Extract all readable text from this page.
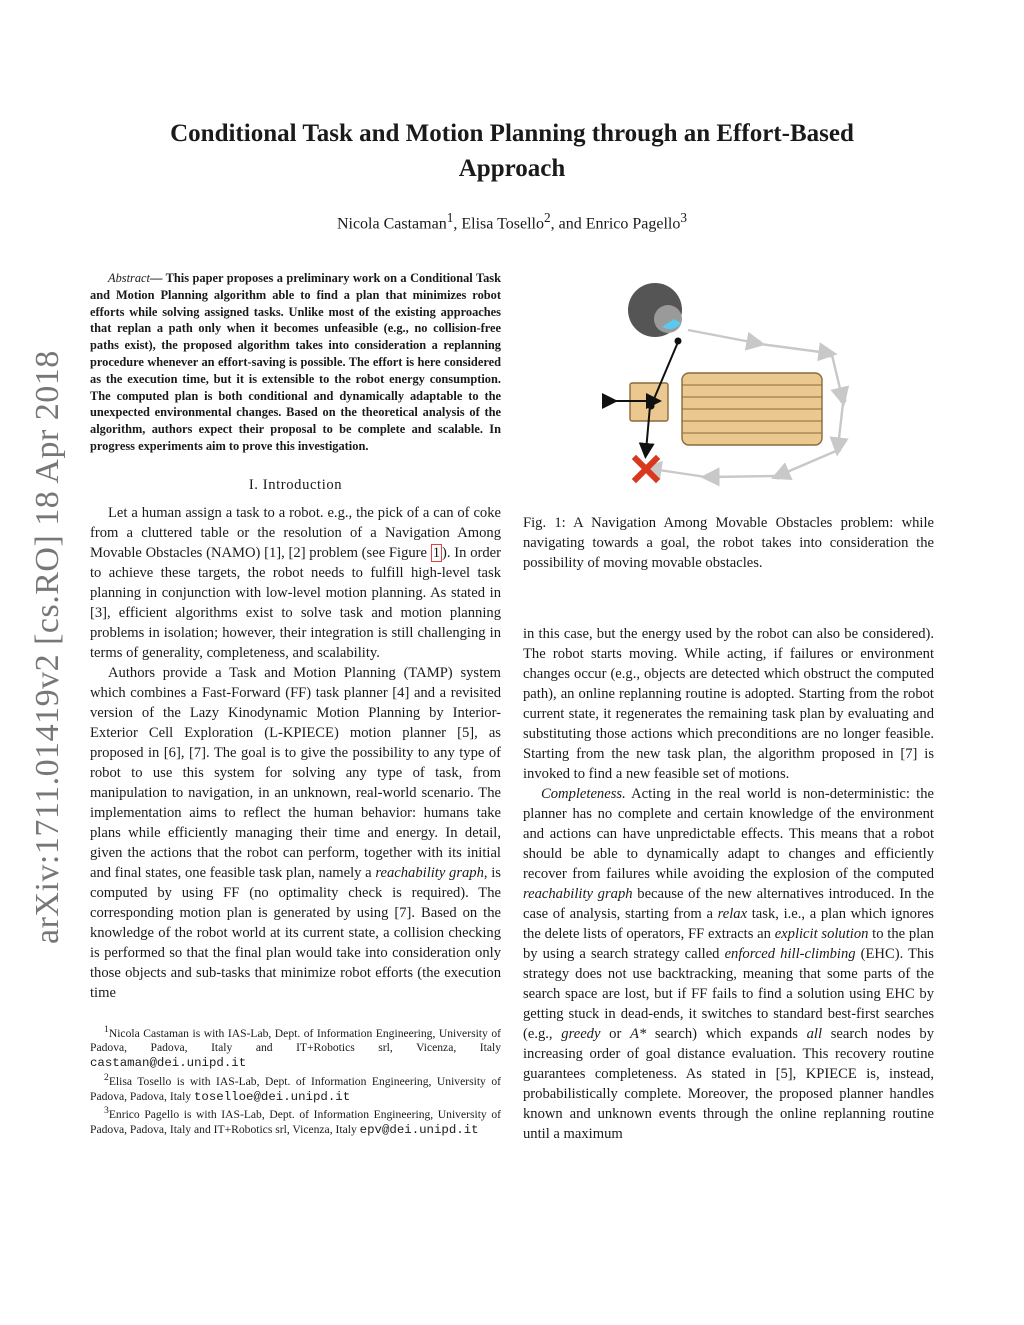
arXiv:1711.01419v2 [cs.RO] 18 Apr 2018
Conditional Task and Motion Planning through an Effort-Based Approach
Nicola Castaman$^1$, Elisa Tosello$^2$, and Enrico Pagello$^3$

Abstract— This paper proposes a preliminary work on a Conditional Task and Motion Planning algorithm able to find a plan that minimizes robot efforts while solving assigned tasks. Unlike most of the existing approaches that replan a path only when it becomes unfeasible (e.g., no collision-free paths exist), the proposed algorithm takes into consideration a replanning procedure whenever an effort-saving is possible. The effort is here considered as the execution time, but it is extensible to the robot energy consumption. The computed plan is both conditional and dynamically adaptable to the unexpected environmental changes. Based on the theoretical analysis of the algorithm, authors expect their proposal to be complete and scalable. In progress experiments aim to prove this investigation.

I. Introduction

Let a human assign a task to a robot. e.g., the pick of a can of coke from a cluttered table or the resolution of a Navigation Among Movable Obstacles (NAMO) [1], [2] problem (see Figure 1 ). In order to achieve these targets, the robot needs to fulfill high-level task planning in conjunction with low-level motion planning. As stated in [3], efficient algorithms exist to solve task and motion planning problems in isolation; however, their integration is still challenging in terms of generality, completeness, and scalability.

Authors provide a Task and Motion Planning (TAMP) system which combines a Fast-Forward (FF) task planner [4] and a revisited version of the Lazy Kinodynamic Motion Planning by Interior-Exterior Cell Exploration (L-KPIECE) motion planner [5], as proposed in [6], [7]. The goal is to give the possibility to any type of robot to use this system for solving any type of task, from manipulation to navigation, in an unknown, real-world scenario. The implementation aims to reflect the human behavior: humans take plans while efficiently managing their time and energy. In detail, given the actions that the robot can perform, together with its initial and final states, one feasible task plan, namely a reachability graph, is computed by using FF (no optimality check is required). The corresponding motion plan is generated by using [7]. Based on the knowledge of the robot world at its current state, a collision checking is performed so that the final plan would take into consideration only those objects and sub-tasks that minimize robot efforts (the execution time

$^1$Nicola Castaman is with IAS-Lab, Dept. of Information Engineering, University of Padova, Padova, Italy and IT+Robotics srl, Vicenza, Italy castaman@dei.unipd.it

$^2$Elisa Tosello is with IAS-Lab, Dept. of Information Engineering, University of Padova, Padova, Italy toselloe@dei.unipd.it

$^3$Enrico Pagello is with IAS-Lab, Dept. of Information Engineering, University of Padova, Padova, Italy and IT+Robotics srl, Vicenza, Italy epv@dei.unipd.it

Fig. 1: A Navigation Among Movable Obstacles problem: while navigating towards a goal, the robot takes into consideration the possibility of moving movable obstacles.

in this case, but the energy used by the robot can also be considered). The robot starts moving. While acting, if failures or environment changes occur (e.g., objects are detected which obstruct the computed path), an online replanning routine is adopted. Starting from the robot current state, it regenerates the remaining task plan by evaluating and substituting those actions which preconditions are no longer feasible. Starting from the new task plan, the algorithm proposed in [7] is invoked to find a new feasible set of motions.

Completeness. Acting in the real world is non-deterministic: the planner has no complete and certain knowledge of the environment and actions can have unpredictable effects. This means that a robot should be able to dynamically adapt to changes and efficiently recover from failures while avoiding the explosion of the computed reachability graph because of the new alternatives introduced. In the case of analysis, starting from a relax task, i.e., a plan which ignores the delete lists of operators, FF extracts an explicit solution to the plan by using a search strategy called enforced hill-climbing (EHC). This strategy does not use backtracking, meaning that some parts of the search space are lost, but if FF fails to find a solution using EHC by getting stuck in dead-ends, it switches to standard best-first searches (e.g., greedy or A* search) which expands all search nodes by increasing order of goal distance evaluation. This recovery routine guarantees completeness. As stated in [5], KPIECE is, instead, probabilistically complete. Moreover, the proposed planner handles known and unknown events through the online replanning routine until a maximum
